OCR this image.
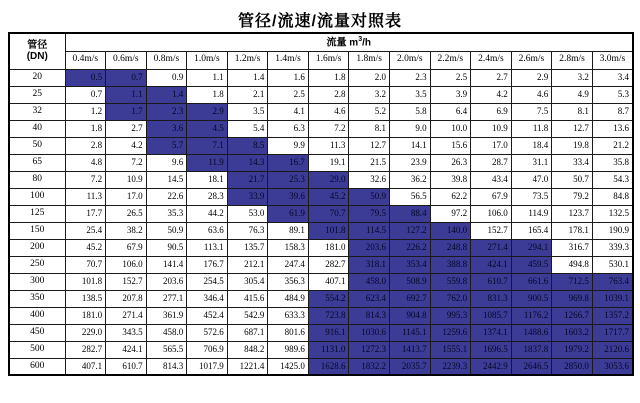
管径/流速/流量对照表
管径
(DN)	流量 $m^3/h$													
	0.4m/s	0.6m/s	0.8m/s	1.0m/s	1.2m/s	1.4m/s	1.6m/s	1.8m/s	2.0m/s	2.2m/s	2.4m/s	2.6m/s	2.8m/s	3.0m/s
20	0.5	0.7	0.9	1.1	1.4	1.6	1.8	2.0	2.3	2.5	2.7	2.9	3.2	3.4
25	0.7	1.1	1.4	1.8	2.1	2.5	2.8	3.2	3.5	3.9	4.2	4.6	4.9	5.3
32	1.2	1.7	2.3	2.9	3.5	4.1	4.6	5.2	5.8	6.4	6.9	7.5	8.1	8.7
40	1.8	2.7	3.6	4.5	5.4	6.3	7.2	8.1	9.0	10.0	10.9	11.8	12.7	13.6
50	2.8	4.2	5.7	7.1	8.5	9.9	11.3	12.7	14.1	15.6	17.0	18.4	19.8	21.2
65	4.8	7.2	9.6	11.9	14.3	16.7	19.1	21.5	23.9	26.3	28.7	31.1	33.4	35.8
80	7.2	10.9	14.5	18.1	21.7	25.3	29.0	32.6	36.2	39.8	43.4	47.0	50.7	54.3
100	11.3	17.0	22.6	28.3	33.9	39.6	45.2	50.9	56.5	62.2	67.9	73.5	79.2	84.8
125	17.7	26.5	35.3	44.2	53.0	61.9	70.7	79.5	88.4	97.2	106.0	114.9	123.7	132.5
150	25.4	38.2	50.9	63.6	76.3	89.1	101.8	114.5	127.2	140.0	152.7	165.4	178.1	190.9
200	45.2	67.9	90.5	113.1	135.7	158.3	181.0	203.6	226.2	248.8	271.4	294.1	316.7	339.3
250	70.7	106.0	141.4	176.7	212.1	247.4	282.7	318.1	353.4	388.8	424.1	459.5	494.8	530.1
300	101.8	152.7	203.6	254.5	305.4	356.3	407.1	458.0	508.9	559.8	610.7	661.6	712.5	763.4
350	138.5	207.8	277.1	346.4	415.6	484.9	554.2	623.4	692.7	762.0	831.3	900.5	969.8	1039.1
400	181.0	271.4	361.9	452.4	542.9	633.3	723.8	814.3	904.8	995.3	1085.7	1176.2	1266.7	1357.2
450	229.0	343.5	458.0	572.6	687.1	801.6	916.1	1030.6	1145.1	1259.6	1374.1	1488.6	1603.2	1717.7
500	282.7	424.1	565.5	706.9	848.2	989.6	1131.0	1272.3	1413.7	1555.1	1696.5	1837.8	1979.2	2120.6
600	407.1	610.7	814.3	1017.9	1221.4	1425.0	1628.6	1832.2	2035.7	2239.3	2442.9	2646.5	2850.0	3053.6
